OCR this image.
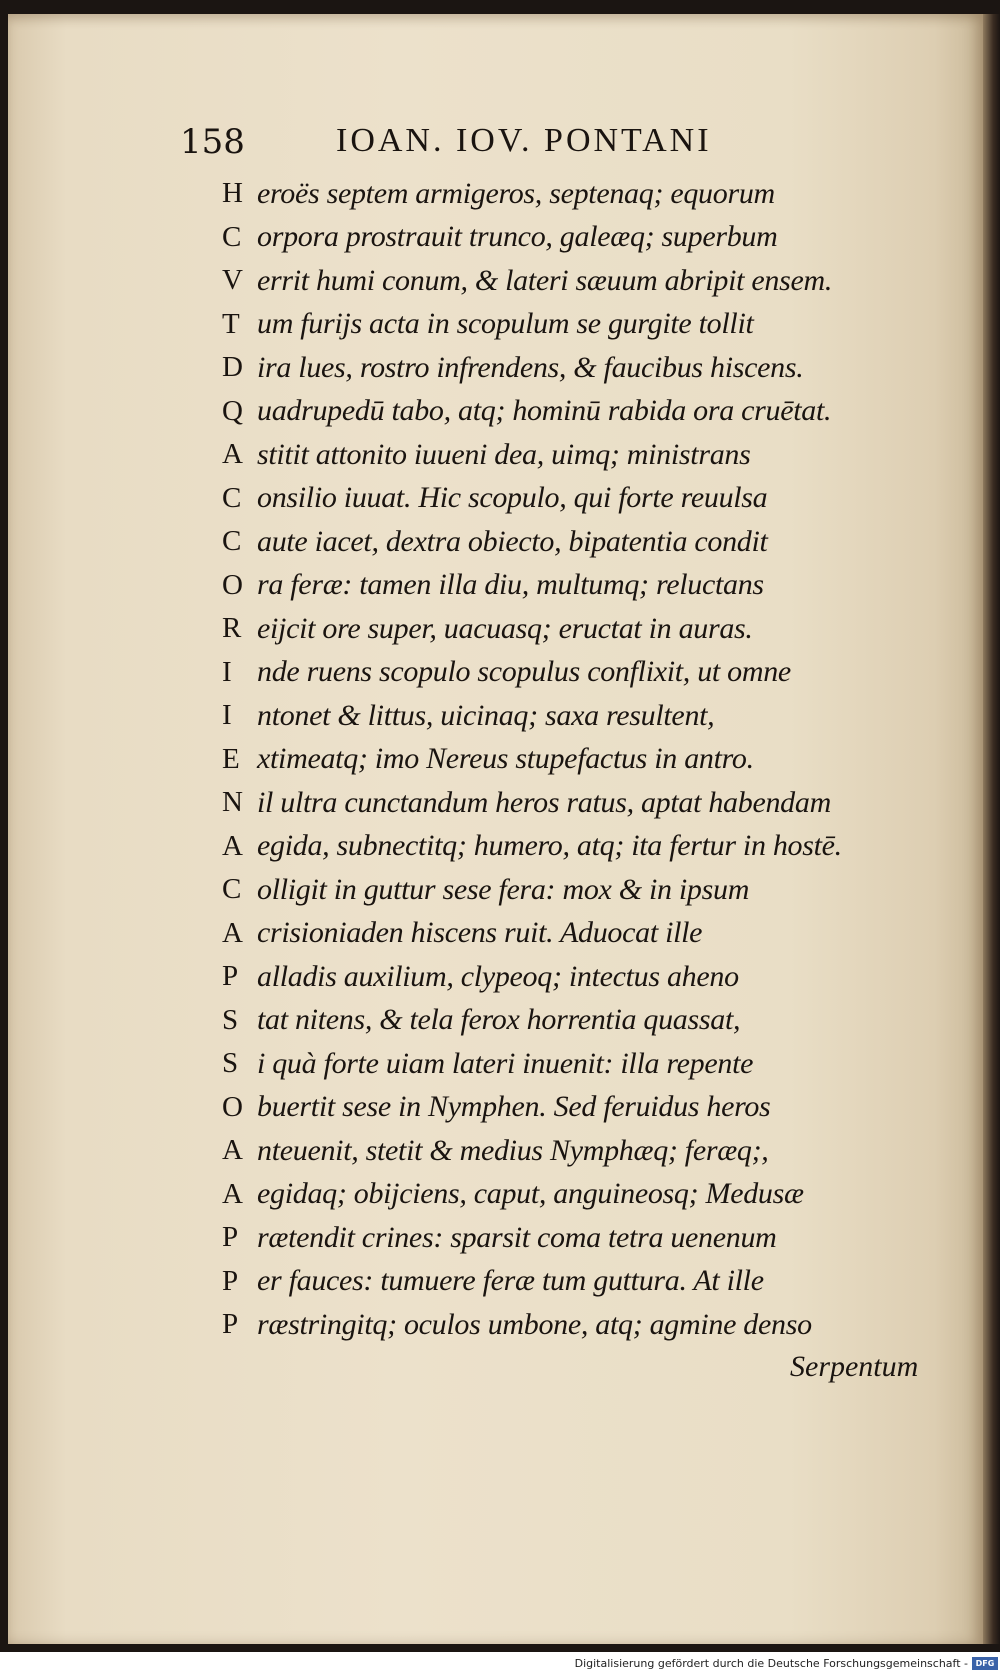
158	IOAN. IOV. PONTANI
H eroës septem armigeros, septenaq; equorum
C orpora prostrauit trunco, galeæq; superbum
V errit humi conum, & lateri sæuum abripit ensem.
T um furijs acta in scopulum se gurgite tollit
D ira lues, rostro infrendens, & faucibus hiscens.
Q uadrupedū tabo, atq; hominū rabida ora cruētat.
A stitit attonito iuueni dea, uimq; ministrans
C onsilio iuuat. Hic scopulo, qui forte reuulsa
C aute iacet, dextra obiecto, bipatentia condit
O ra feræ: tamen illa diu, multumq; reluctans
R eijcit ore super, uacuasq; eructat in auras.
I nde ruens scopulo scopulus conflixit, ut omne
I ntonet & littus, uicinaq; saxa resultent,
E xtimeatq; imo Nereus stupefactus in antro.
N il ultra cunctandum heros ratus, aptat habendam
A egida, subnectitq; humero, atq; ita fertur in hostē.
C olligit in guttur sese fera: mox & in ipsum
A crisioniaden hiscens ruit. Aduocat ille
P alladis auxilium, clypeoq; intectus aheno
S tat nitens, & tela ferox horrentia quassat,
S i quà forte uiam lateri inuenit: illa repente
O buertit sese in Nymphen. Sed feruidus heros
A nteuenit, stetit & medius Nymphæq; feræq;,
A egidaq; obijciens, caput, anguineosq; Medusæ
P rætendit crines: sparsit coma tetra uenenum
P er fauces: tumuere feræ tum guttura. At ille
P ræstringitq; oculos umbone, atq; agmine denso
Serpentum
Digitalisierung gefördert durch die Deutsche Forschungsgemeinschaft - DFG
